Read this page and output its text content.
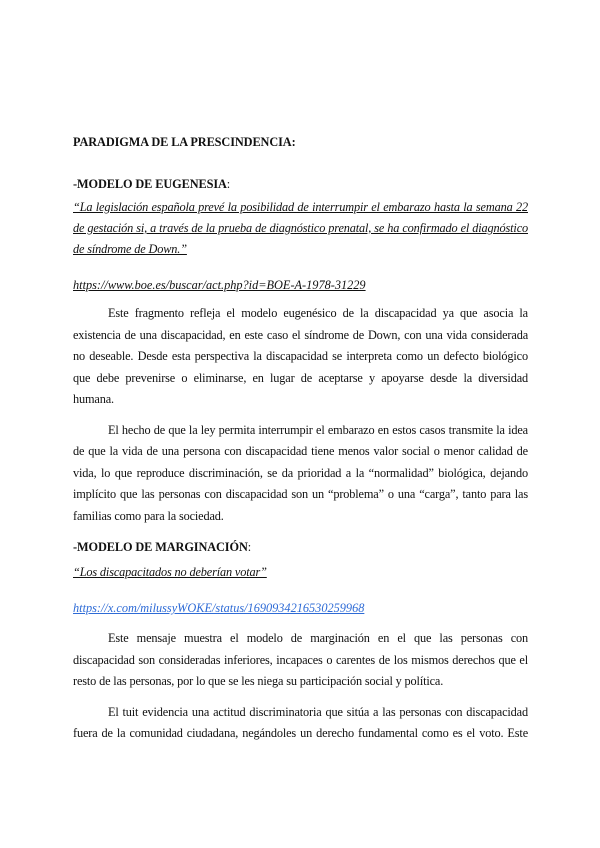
PARADIGMA DE LA PRESCINDENCIA:

-MODELO DE EUGENESIA:

“La legislación española prevé la posibilidad de interrumpir el embarazo hasta la semana 22 de gestación si, a través de la prueba de diagnóstico prenatal, se ha confirmado el diagnóstico de síndrome de Down.”

https://www.boe.es/buscar/act.php?id=BOE-A-1978-31229

Este fragmento refleja el modelo eugenésico de la discapacidad ya que asocia la existencia de una discapacidad, en este caso el síndrome de Down, con una vida considerada no deseable. Desde esta perspectiva la discapacidad se interpreta como un defecto biológico que debe prevenirse o eliminarse, en lugar de aceptarse y apoyarse desde la diversidad humana.

El hecho de que la ley permita interrumpir el embarazo en estos casos transmite la idea de que la vida de una persona con discapacidad tiene menos valor social o menor calidad de vida, lo que reproduce discriminación, se da prioridad a la “normalidad” biológica, dejando implícito que las personas con discapacidad son un “problema” o una “carga”, tanto para las familias como para la sociedad.

-MODELO DE MARGINACIÓN:

“Los discapacitados no deberían votar”

https://x.com/milussyWOKE/status/1690934216530259968

Este mensaje muestra el modelo de marginación en el que las personas con discapacidad son consideradas inferiores, incapaces o carentes de los mismos derechos que el resto de las personas, por lo que se les niega su participación social y política.

El tuit evidencia una actitud discriminatoria que sitúa a las personas con discapacidad fuera de la comunidad ciudadana, negándoles un derecho fundamental como es el voto. Este
